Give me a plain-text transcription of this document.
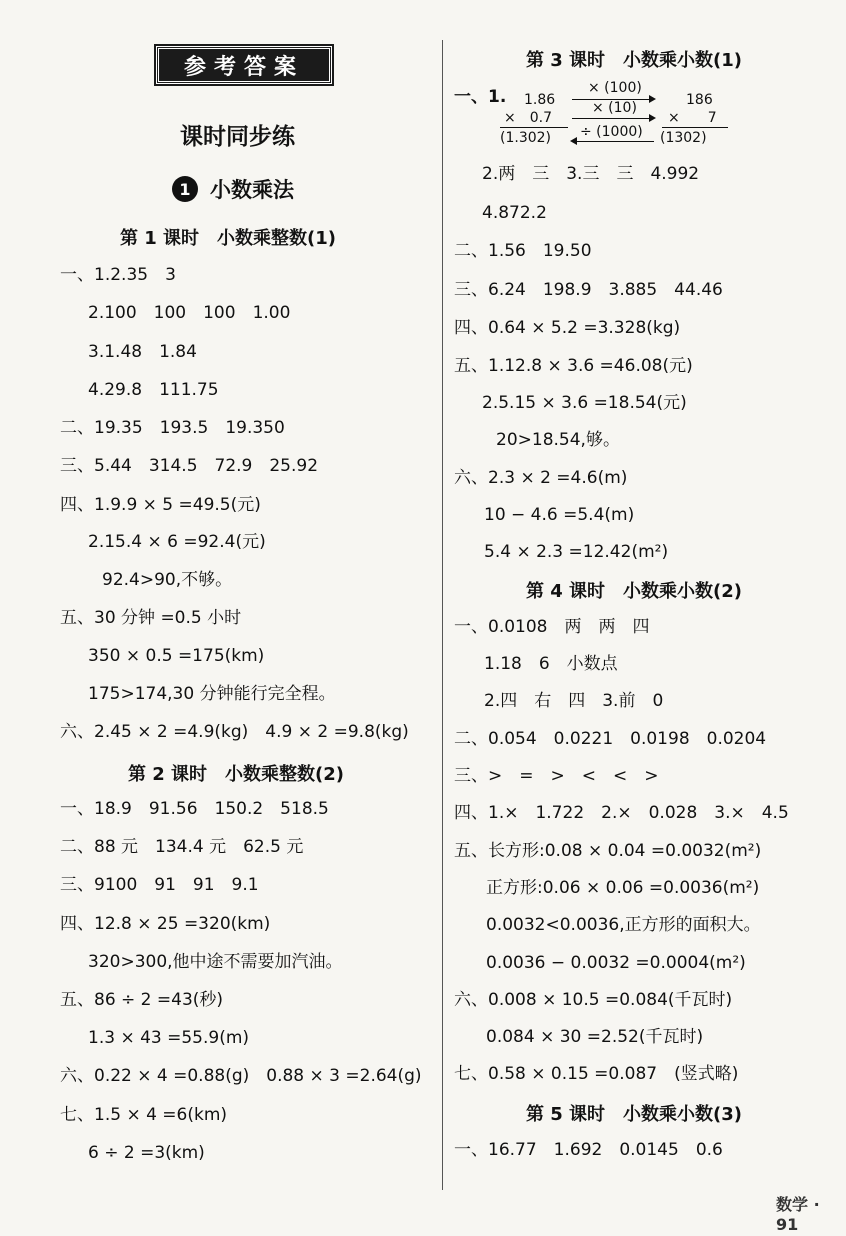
参考答案
课时同步练
1 小数乘法
第 1 课时　小数乘整数(1)
一、1.2.35　3
2.100　100　100　1.00
3.1.48　1.84
4.29.8　111.75
二、19.35　193.5　19.350
三、5.44　314.5　72.9　25.92
四、1.9.9 × 5 =49.5(元)
2.15.4 × 6 =92.4(元)
92.4>90,不够。
五、30 分钟 =0.5 小时
350 × 0.5 =175(km)
175>174,30 分钟能行完全程。
六、2.45 × 2 =4.9(kg)　4.9 × 2 =9.8(kg)
第 2 课时　小数乘整数(2)
一、18.9　91.56　150.2　518.5
二、88 元　134.4 元　62.5 元
三、9100　91　91　9.1
四、12.8 × 25 =320(km)
320>300,他中途不需要加汽油。
五、86 ÷ 2 =43(秒)
1.3 × 43 =55.9(m)
六、0.22 × 4 =0.88(g)　0.88 × 3 =2.64(g)
七、1.5 × 4 =6(km)
6 ÷ 2 =3(km)
第 3 课时　小数乘小数(1)
一、1. 1.86
×　0.7
(1.302)
186
×　　7
(1302)
× (100)
× (10)
÷ (1000)
2.两　三　3.三　三　4.992
4.872.2
二、1.56　19.50
三、6.24　198.9　3.885　44.46
四、0.64 × 5.2 =3.328(kg)
五、1.12.8 × 3.6 =46.08(元)
2.5.15 × 3.6 =18.54(元)
20>18.54,够。
六、2.3 × 2 =4.6(m)
10 − 4.6 =5.4(m)
5.4 × 2.3 =12.42(m²)
第 4 课时　小数乘小数(2)
一、0.0108　两　两　四
1.18　6　小数点
2.四　右　四　3.前　0
二、0.054　0.0221　0.0198　0.0204
三、>　=　>　<　<　>
四、1.×　1.722　2.×　0.028　3.×　4.5
五、长方形:0.08 × 0.04 =0.0032(m²)
正方形:0.06 × 0.06 =0.0036(m²)
0.0032<0.0036,正方形的面积大。
0.0036 − 0.0032 =0.0004(m²)
六、0.008 × 10.5 =0.084(千瓦时)
0.084 × 30 =2.52(千瓦时)
七、0.58 × 0.15 =0.087　(竖式略)
第 5 课时　小数乘小数(3)
一、16.77　1.692　0.0145　0.6
数学 · 91
